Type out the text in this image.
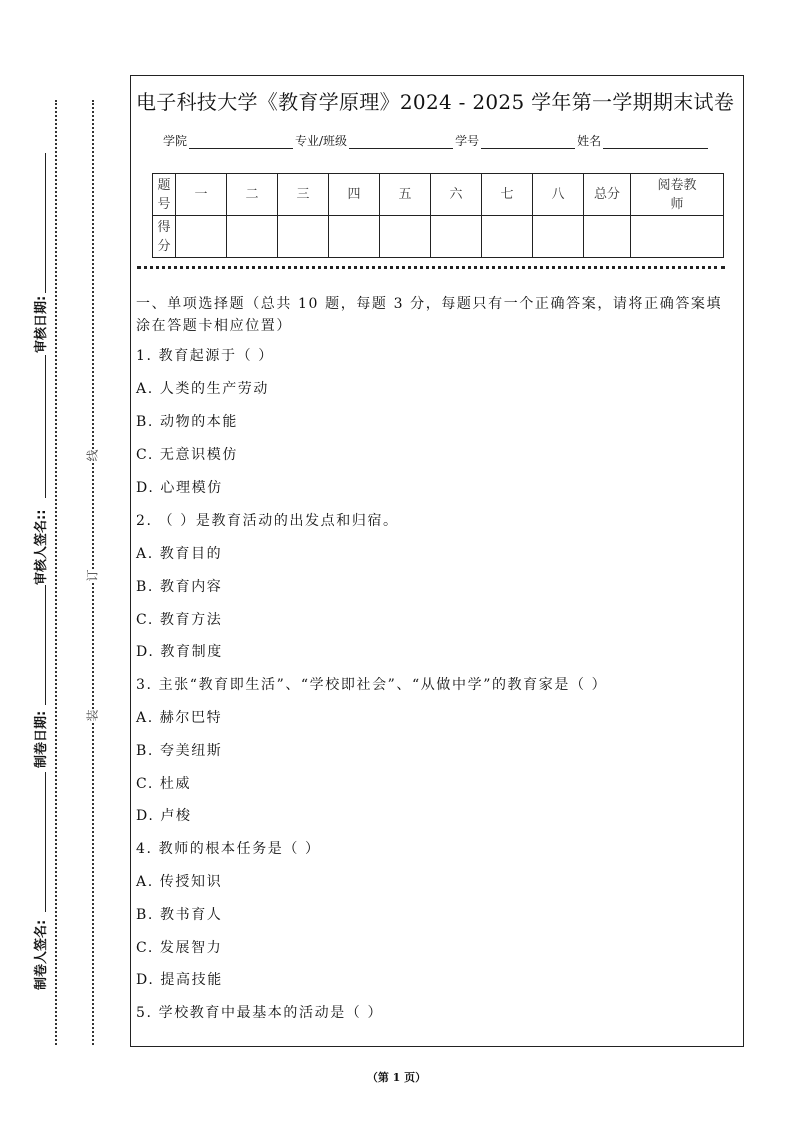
制卷人签名:
制卷日期:
审核人签名::
审核日期:
线
订
装
电子科技大学《教育学原理》2024 - 2025 学年第一学期期末试卷
学院	专业/班级	学号	姓名
题号	一	二	三	四	五	六	七	八	总分	阅卷教师
得分										
一、单项选择题（总共 10 题，每题 3 分，每题只有一个正确答案，请将正确答案填
涂在答题卡相应位置）
1. 教育起源于（ ）
A. 人类的生产劳动
B. 动物的本能
C. 无意识模仿
D. 心理模仿
2. （ ）是教育活动的出发点和归宿。
A. 教育目的
B. 教育内容
C. 教育方法
D. 教育制度
3. 主张“教育即生活”、“学校即社会”、“从做中学”的教育家是（ ）
A. 赫尔巴特
B. 夸美纽斯
C. 杜威
D. 卢梭
4. 教师的根本任务是（ ）
A. 传授知识
B. 教书育人
C. 发展智力
D. 提高技能
5. 学校教育中最基本的活动是（ ）
（第 1 页）
